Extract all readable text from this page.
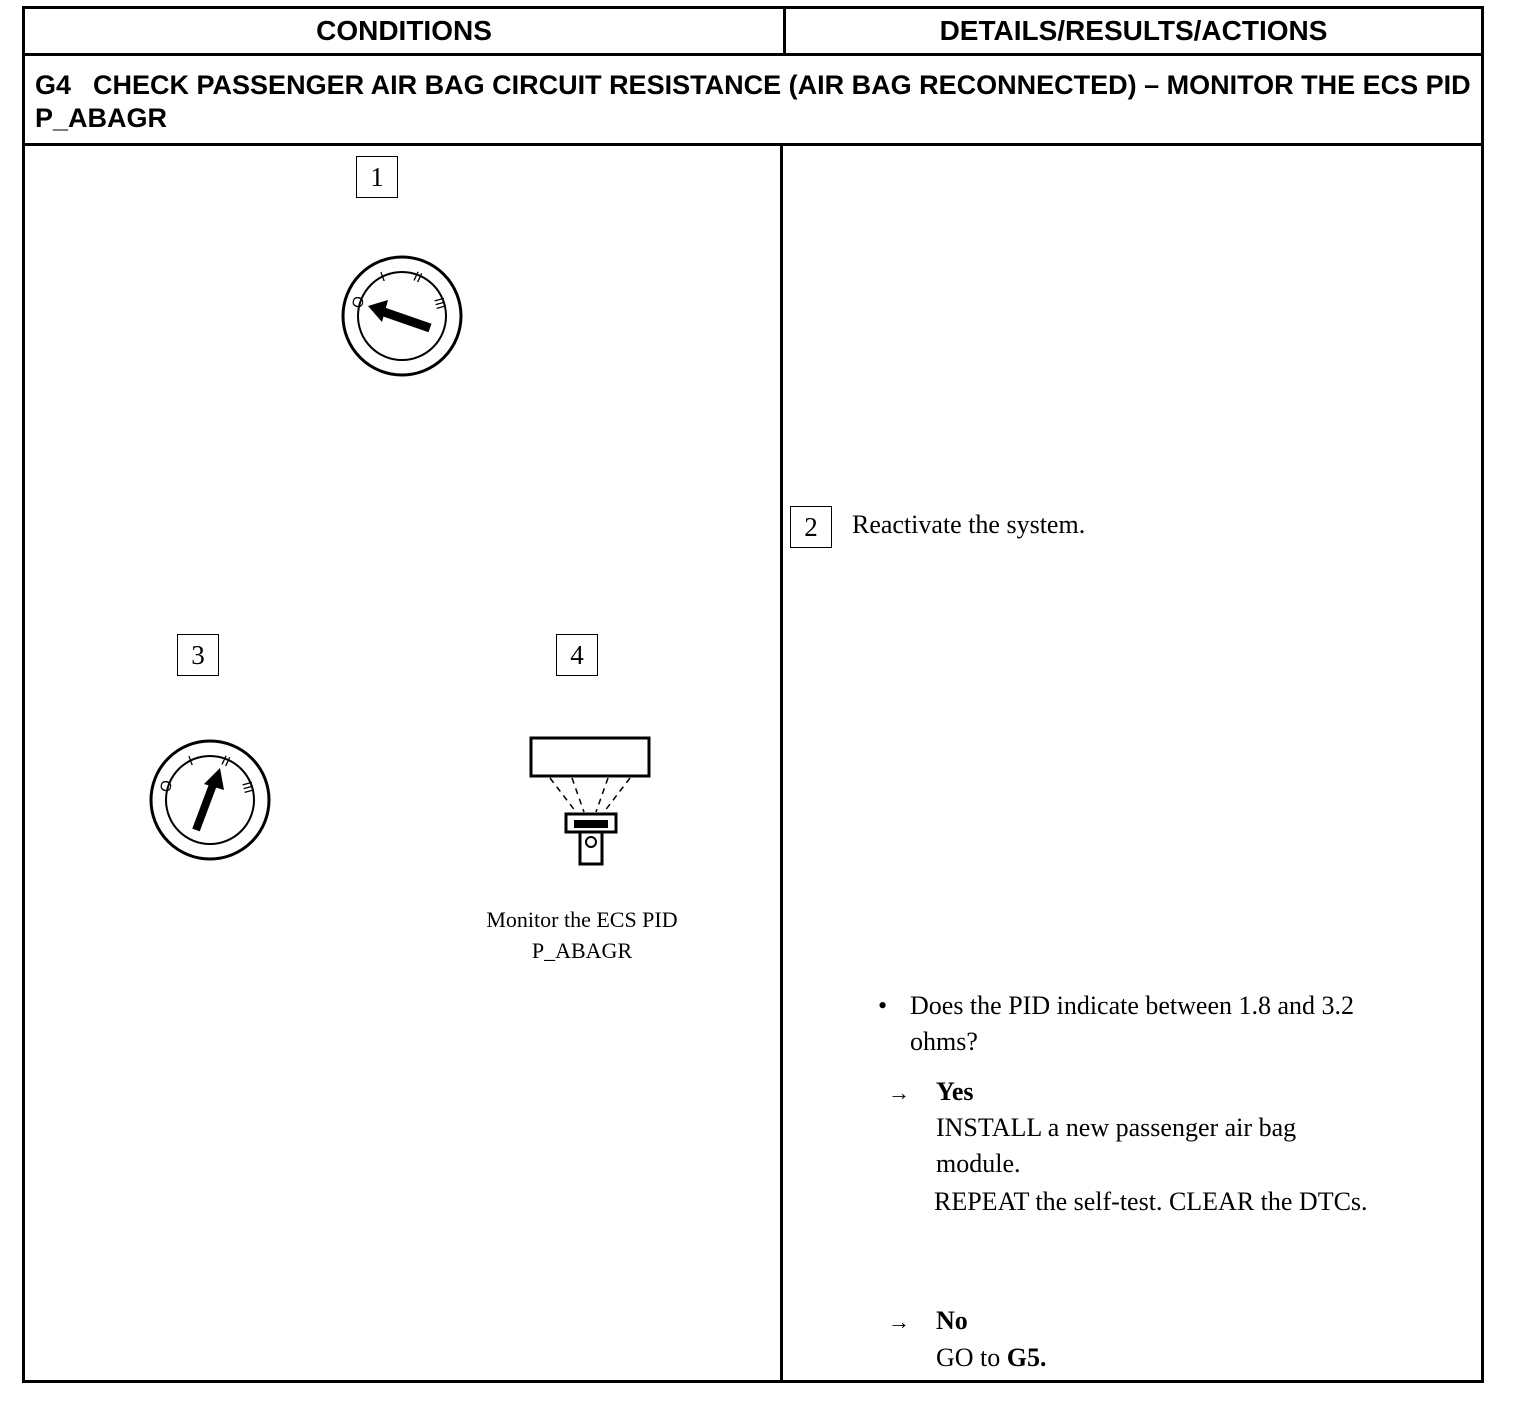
CONDITIONS	DETAILS/RESULTS/ACTIONS
G4 CHECK PASSENGER AIR BAG CIRCUIT RESISTANCE (AIR BAG RECONNECTED) – MONITOR THE ECS PID P_ABAGR
1
O
I II
III
2	Reactivate the system.
3
O
I II
III
4
Monitor the ECS PID
P_ABAGR
• Does the PID indicate between 1.8 and 3.2
ohms?
→ Yes
INSTALL a new passenger air bag
module.
REPEAT the self-test. CLEAR the DTCs.
→ No
GO to G5.
